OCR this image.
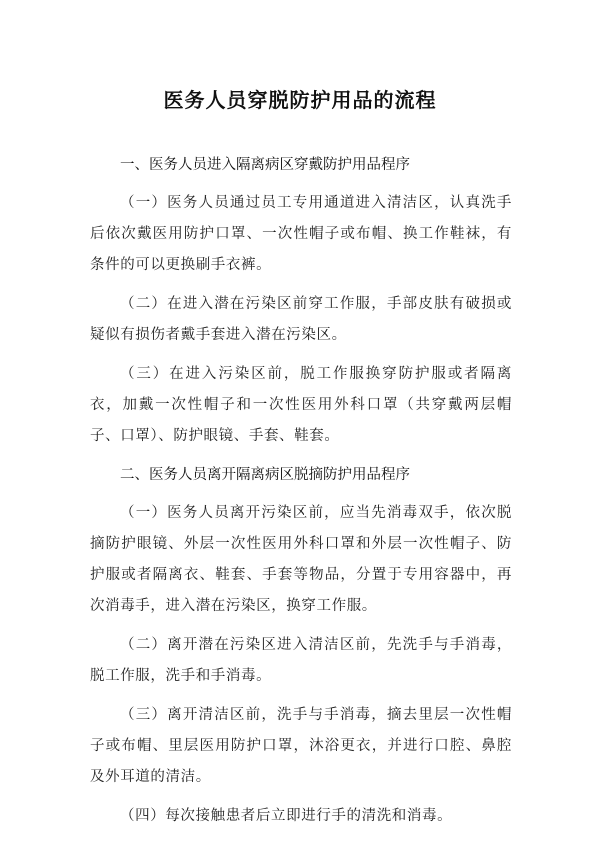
医务人员穿脱防护用品的流程
一、医务人员进入隔离病区穿戴防护用品程序

（一）医务人员通过员工专用通道进入清洁区，认真洗手后依次戴医用防护口罩、一次性帽子或布帽、换工作鞋袜，有条件的可以更换刷手衣裤。

（二）在进入潜在污染区前穿工作服，手部皮肤有破损或疑似有损伤者戴手套进入潜在污染区。

（三）在进入污染区前，脱工作服换穿防护服或者隔离衣，加戴一次性帽子和一次性医用外科口罩（共穿戴两层帽子、口罩）、防护眼镜、手套、鞋套。

二、医务人员离开隔离病区脱摘防护用品程序

（一）医务人员离开污染区前，应当先消毒双手，依次脱摘防护眼镜、外层一次性医用外科口罩和外层一次性帽子、防护服或者隔离衣、鞋套、手套等物品，分置于专用容器中，再次消毒手，进入潜在污染区，换穿工作服。

（二）离开潜在污染区进入清洁区前，先洗手与手消毒，脱工作服，洗手和手消毒。

（三）离开清洁区前，洗手与手消毒，摘去里层一次性帽子或布帽、里层医用防护口罩，沐浴更衣，并进行口腔、鼻腔及外耳道的清洁。

（四）每次接触患者后立即进行手的清洗和消毒。
